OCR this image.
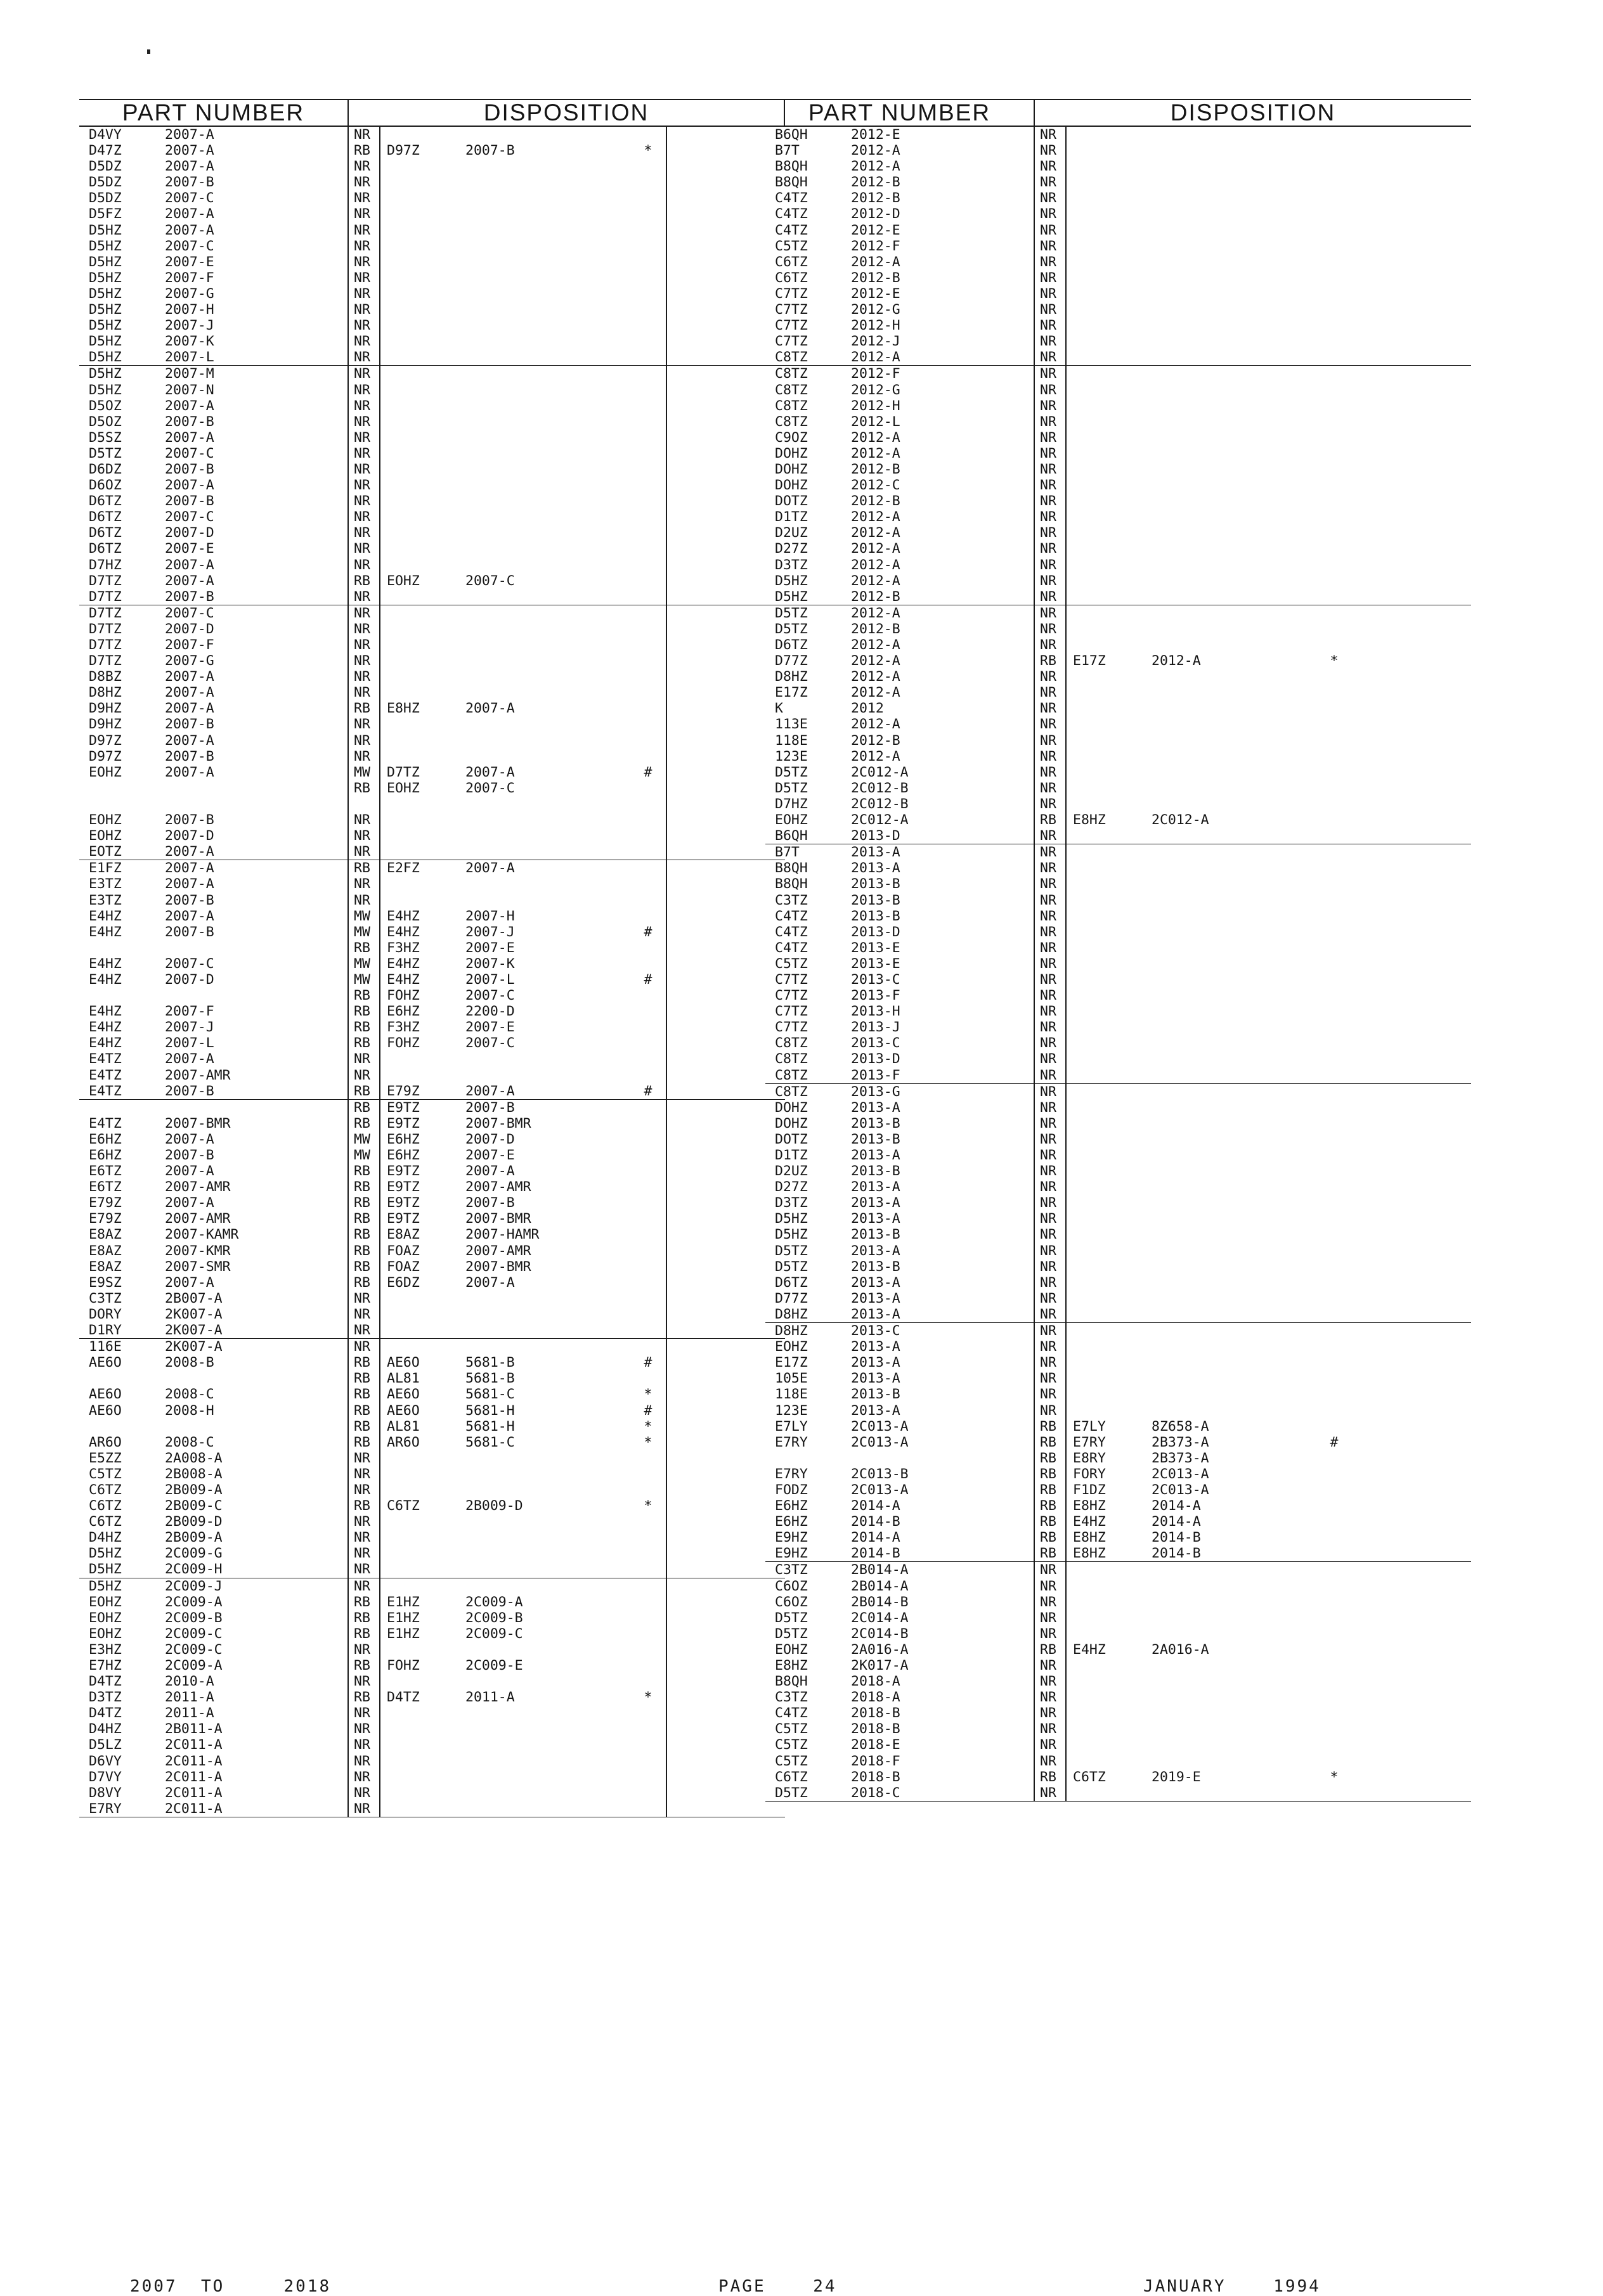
PART NUMBER	DISPOSITION
D4VY	2007-A	NR
D47Z	2007-A	RB	D97Z	2007-B	*
D5DZ	2007-A	NR
D5DZ	2007-B	NR
D5DZ	2007-C	NR
D5FZ	2007-A	NR
D5HZ	2007-A	NR
D5HZ	2007-C	NR
D5HZ	2007-E	NR
D5HZ	2007-F	NR
D5HZ	2007-G	NR
D5HZ	2007-H	NR
D5HZ	2007-J	NR
D5HZ	2007-K	NR
D5HZ	2007-L	NR
D5HZ	2007-M	NR
D5HZ	2007-N	NR
D5OZ	2007-A	NR
D5OZ	2007-B	NR
D5SZ	2007-A	NR
D5TZ	2007-C	NR
D6DZ	2007-B	NR
D6OZ	2007-A	NR
D6TZ	2007-B	NR
D6TZ	2007-C	NR
D6TZ	2007-D	NR
D6TZ	2007-E	NR
D7HZ	2007-A	NR
D7TZ	2007-A	RB	EOHZ	2007-C
D7TZ	2007-B	NR
D7TZ	2007-C	NR
D7TZ	2007-D	NR
D7TZ	2007-F	NR
D7TZ	2007-G	NR
D8BZ	2007-A	NR
D8HZ	2007-A	NR
D9HZ	2007-A	RB	E8HZ	2007-A
D9HZ	2007-B	NR
D97Z	2007-A	NR
D97Z	2007-B	NR
EOHZ	2007-A	MW	D7TZ	2007-A	#
RB	EOHZ	2007-C
EOHZ	2007-B	NR
EOHZ	2007-D	NR
EOTZ	2007-A	NR
E1FZ	2007-A	RB	E2FZ	2007-A
E3TZ	2007-A	NR
E3TZ	2007-B	NR
E4HZ	2007-A	MW	E4HZ	2007-H
E4HZ	2007-B	MW	E4HZ	2007-J	#
RB	F3HZ	2007-E
E4HZ	2007-C	MW	E4HZ	2007-K
E4HZ	2007-D	MW	E4HZ	2007-L	#
RB	FOHZ	2007-C
E4HZ	2007-F	RB	E6HZ	2200-D
E4HZ	2007-J	RB	F3HZ	2007-E
E4HZ	2007-L	RB	FOHZ	2007-C
E4TZ	2007-A	NR
E4TZ	2007-AMR	NR
E4TZ	2007-B	RB	E79Z	2007-A	#
RB	E9TZ	2007-B
E4TZ	2007-BMR	RB	E9TZ	2007-BMR
E6HZ	2007-A	MW	E6HZ	2007-D
E6HZ	2007-B	MW	E6HZ	2007-E
E6TZ	2007-A	RB	E9TZ	2007-A
E6TZ	2007-AMR	RB	E9TZ	2007-AMR
E79Z	2007-A	RB	E9TZ	2007-B
E79Z	2007-AMR	RB	E9TZ	2007-BMR
E8AZ	2007-KAMR	RB	E8AZ	2007-HAMR
E8AZ	2007-KMR	RB	FOAZ	2007-AMR
E8AZ	2007-SMR	RB	FOAZ	2007-BMR
E9SZ	2007-A	RB	E6DZ	2007-A
C3TZ	2B007-A	NR
DORY	2K007-A	NR
D1RY	2K007-A	NR
116E	2K007-A	NR
AE6O	2008-B	RB	AE6O	5681-B	#
RB	AL81	5681-B
AE6O	2008-C	RB	AE6O	5681-C	*
AE6O	2008-H	RB	AE6O	5681-H	#
RB	AL81	5681-H	*
AR6O	2008-C	RB	AR6O	5681-C	*
E5ZZ	2A008-A	NR
C5TZ	2B008-A	NR
C6TZ	2B009-A	NR
C6TZ	2B009-C	RB	C6TZ	2B009-D	*
C6TZ	2B009-D	NR
D4HZ	2B009-A	NR
D5HZ	2C009-G	NR
D5HZ	2C009-H	NR
D5HZ	2C009-J	NR
EOHZ	2C009-A	RB	E1HZ	2C009-A
EOHZ	2C009-B	RB	E1HZ	2C009-B
EOHZ	2C009-C	RB	E1HZ	2C009-C
E3HZ	2C009-C	NR
E7HZ	2C009-A	RB	FOHZ	2C009-E
D4TZ	2010-A	NR
D3TZ	2011-A	RB	D4TZ	2011-A	*
D4TZ	2011-A	NR
D4HZ	2B011-A	NR
D5LZ	2C011-A	NR
D6VY	2C011-A	NR
D7VY	2C011-A	NR
D8VY	2C011-A	NR
E7RY	2C011-A	NR
PART NUMBER	DISPOSITION
B6QH	2012-E	NR
B7T	2012-A	NR
B8QH	2012-A	NR
B8QH	2012-B	NR
C4TZ	2012-B	NR
C4TZ	2012-D	NR
C4TZ	2012-E	NR
C5TZ	2012-F	NR
C6TZ	2012-A	NR
C6TZ	2012-B	NR
C7TZ	2012-E	NR
C7TZ	2012-G	NR
C7TZ	2012-H	NR
C7TZ	2012-J	NR
C8TZ	2012-A	NR
C8TZ	2012-F	NR
C8TZ	2012-G	NR
C8TZ	2012-H	NR
C8TZ	2012-L	NR
C9OZ	2012-A	NR
DOHZ	2012-A	NR
DOHZ	2012-B	NR
DOHZ	2012-C	NR
DOTZ	2012-B	NR
D1TZ	2012-A	NR
D2UZ	2012-A	NR
D27Z	2012-A	NR
D3TZ	2012-A	NR
D5HZ	2012-A	NR
D5HZ	2012-B	NR
D5TZ	2012-A	NR
D5TZ	2012-B	NR
D6TZ	2012-A	NR
D77Z	2012-A	RB	E17Z	2012-A	*
D8HZ	2012-A	NR
E17Z	2012-A	NR
K	2012	NR
113E	2012-A	NR
118E	2012-B	NR
123E	2012-A	NR
D5TZ	2C012-A	NR
D5TZ	2C012-B	NR
D7HZ	2C012-B	NR
EOHZ	2C012-A	RB	E8HZ	2C012-A
B6QH	2013-D	NR
B7T	2013-A	NR
B8QH	2013-A	NR
B8QH	2013-B	NR
C3TZ	2013-B	NR
C4TZ	2013-B	NR
C4TZ	2013-D	NR
C4TZ	2013-E	NR
C5TZ	2013-E	NR
C7TZ	2013-C	NR
C7TZ	2013-F	NR
C7TZ	2013-H	NR
C7TZ	2013-J	NR
C8TZ	2013-C	NR
C8TZ	2013-D	NR
C8TZ	2013-F	NR
C8TZ	2013-G	NR
DOHZ	2013-A	NR
DOHZ	2013-B	NR
DOTZ	2013-B	NR
D1TZ	2013-A	NR
D2UZ	2013-B	NR
D27Z	2013-A	NR
D3TZ	2013-A	NR
D5HZ	2013-A	NR
D5HZ	2013-B	NR
D5TZ	2013-A	NR
D5TZ	2013-B	NR
D6TZ	2013-A	NR
D77Z	2013-A	NR
D8HZ	2013-A	NR
D8HZ	2013-C	NR
EOHZ	2013-A	NR
E17Z	2013-A	NR
105E	2013-A	NR
118E	2013-B	NR
123E	2013-A	NR
E7LY	2C013-A	RB	E7LY	8Z658-A
E7RY	2C013-A	RB	E7RY	2B373-A	#
RB	E8RY	2B373-A
E7RY	2C013-B	RB	FORY	2C013-A
FODZ	2C013-A	RB	F1DZ	2C013-A
E6HZ	2014-A	RB	E8HZ	2014-A
E6HZ	2014-B	RB	E4HZ	2014-A
E9HZ	2014-A	RB	E8HZ	2014-B
E9HZ	2014-B	RB	E8HZ	2014-B
C3TZ	2B014-A	NR
C6OZ	2B014-A	NR
C6OZ	2B014-B	NR
D5TZ	2C014-A	NR
D5TZ	2C014-B	NR
EOHZ	2A016-A	RB	E4HZ	2A016-A
E8HZ	2K017-A	NR
B8QH	2018-A	NR
C3TZ	2018-A	NR
C4TZ	2018-B	NR
C5TZ	2018-B	NR
C5TZ	2018-E	NR
C5TZ	2018-F	NR
C6TZ	2018-B	RB	C6TZ	2019-E	*
D5TZ	2018-C	NR
2007 TO	2018	PAGE	24	JANUARY	1994
